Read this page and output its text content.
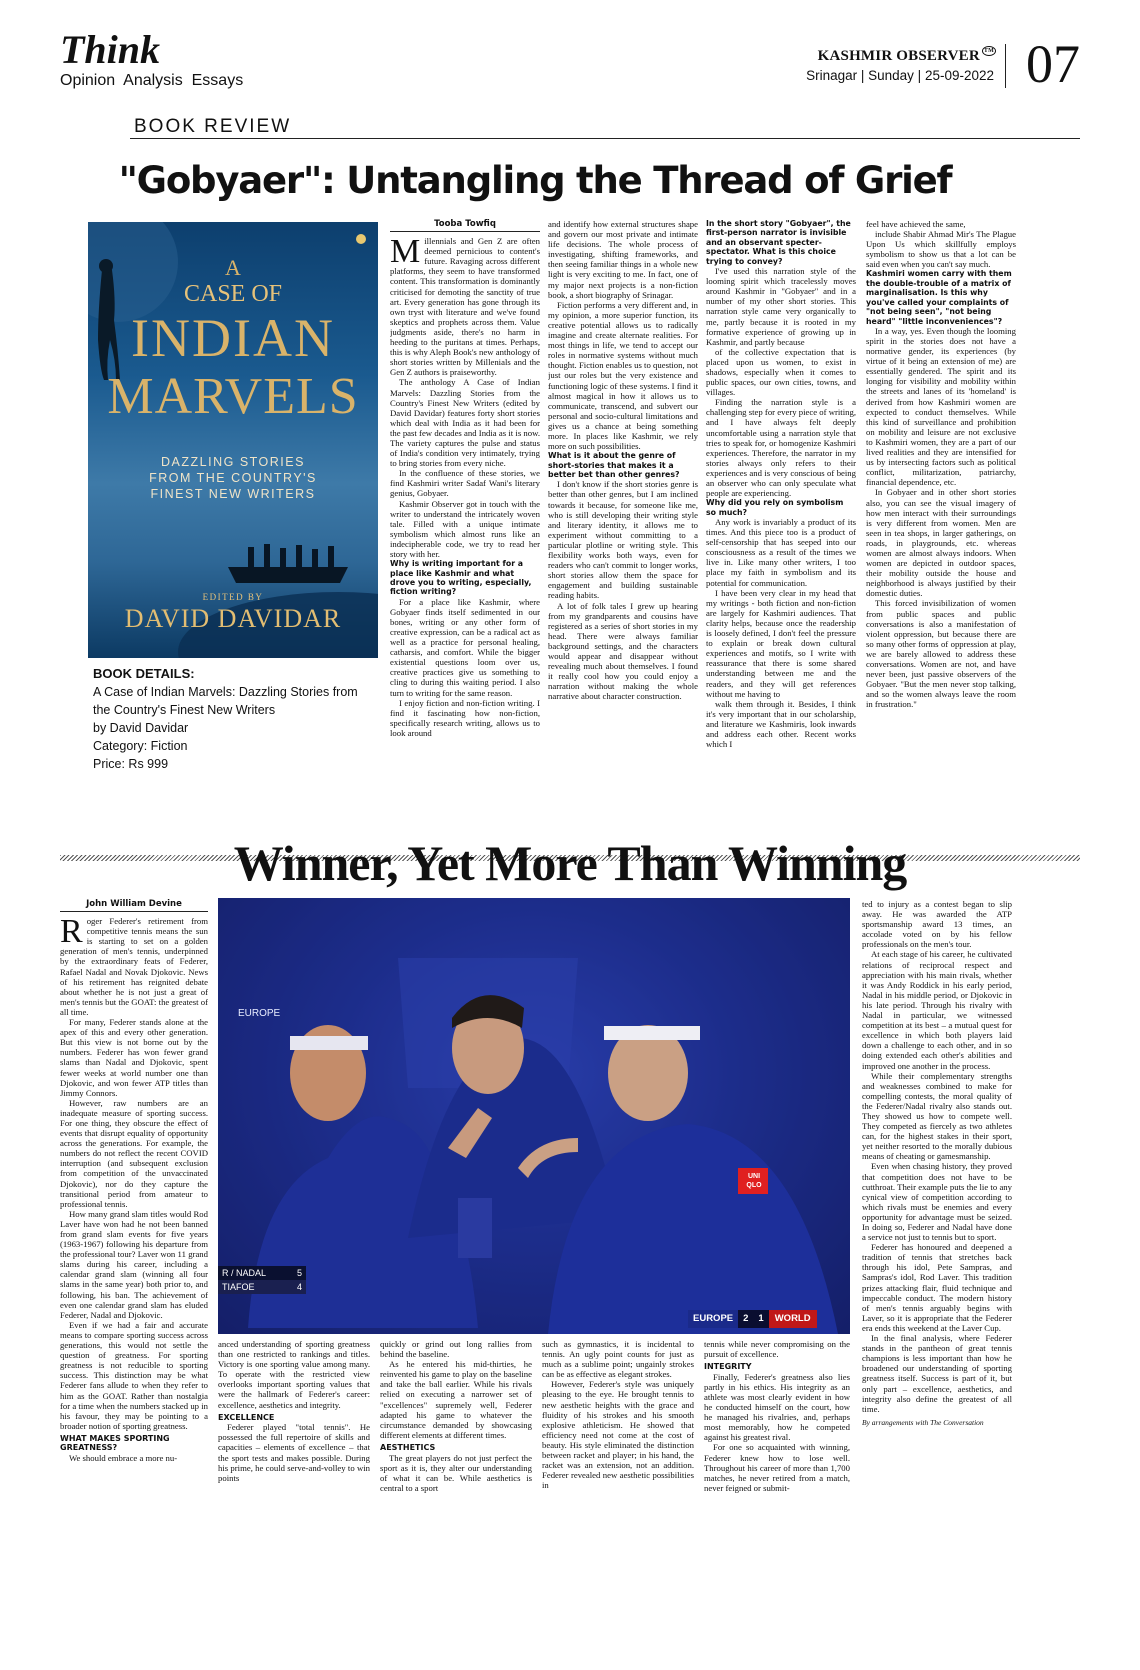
Think
Opinion  Analysis  Essays
KASHMIR OBSERVER ™
Srinagar | Sunday | 25-09-2022 07
BOOK REVIEW
"Gobyaer": Untangling the Thread of Grief
A
CASE OF
INDIAN
MARVELS
DAZZLING STORIES
FROM THE COUNTRY'S
FINEST NEW WRITERS
EDITED BY
DAVID DAVIDAR
BOOK DETAILS:
A Case of Indian Marvels: Dazzling Stories from the Country's Finest New Writers
by David Davidar
Category: Fiction
Price: Rs 999
Tooba Towfiq

Millennials and Gen Z are often deemed pernicious to content's future. Ravaging across different platforms, they seem to have transformed content. This transformation is dominantly criticised for demoting the sanctity of true art. Every generation has gone through its own tryst with literature and we've found skeptics and prophets across them. Value judgments aside, there's no harm in heeding to the puritans at times. Perhaps, this is why Aleph Book's new anthology of short stories written by Millenials and the Gen Z authors is praiseworthy.

The anthology A Case of Indian Marvels: Dazzling Stories from the Country's Finest New Writers (edited by David Davidar) features forty short stories which deal with India as it had been for the past few decades and India as it is now. The variety captures the pulse and status of India's condition very intimately, trying to bring stories from every niche.

In the confluence of these stories, we find Kashmiri writer Sadaf Wani's literary genius, Gobyaer.

Kashmir Observer got in touch with the writer to understand the intricately woven tale. Filled with a unique intimate symbolism which almost runs like an indecipherable code, we try to read her story with her.

Why is writing important for a place like Kashmir and what drove you to writing, especially, fiction writing?

For a place like Kashmir, where Gobyaer finds itself sedimented in our bones, writing or any other form of creative expression, can be a radical act as well as a practice for personal healing, catharsis, and comfort. While the bigger existential questions loom over us, creative practices give us something to cling to during this waiting period. I also turn to writing for the same reason.

I enjoy fiction and non-fiction writing. I find it fascinating how non-fiction, specifically research writing, allows us to look around

and identify how external structures shape and govern our most private and intimate life decisions. The whole process of investigating, shifting frameworks, and then seeing familiar things in a whole new light is very exciting to me. In fact, one of my major next projects is a non-fiction book, a short biography of Srinagar.

Fiction performs a very different and, in my opinion, a more superior function, its creative potential allows us to radically imagine and create alternate realities. For most things in life, we tend to accept our roles in normative systems without much thought. Fiction enables us to question, not just our roles but the very existence and functioning logic of these systems. I find it almost magical in how it allows us to communicate, transcend, and subvert our personal and socio-cultural limitations and gives us a chance at being something more. In places like Kashmir, we rely more on such possibilities.

What is it about the genre of short-stories that makes it a better bet than other genres?

I don't know if the short stories genre is better than other genres, but I am inclined towards it because, for someone like me, who is still developing their writing style and literary identity, it allows me to experiment without committing to a particular plotline or writing style. This flexibility works both ways, even for readers who can't commit to longer works, short stories allow them the space for engagement and building sustainable reading habits.

A lot of folk tales I grew up hearing from my grandparents and cousins have registered as a series of short stories in my head. There were always familiar background settings, and the characters would appear and disappear without revealing much about themselves. I found it really cool how you could enjoy a narration without making the whole narrative about character construction.

In the short story "Gobyaer", the first-person narrator is invisible and an observant specter-spectator. What is this choice trying to convey?

I've used this narration style of the looming spirit which tracelessly moves around Kashmir in "Gobyaer" and in a number of my other short stories. This narration style came very organically to me, partly because it is rooted in my formative experience of growing up in Kashmir, and partly because

of the collective expectation that is placed upon us women, to exist in shadows, especially when it comes to public spaces, our own cities, towns, and villages.

Finding the narration style is a challenging step for every piece of writing, and I have always felt deeply uncomfortable using a narration style that tries to speak for, or homogenize Kashmiri experiences. Therefore, the narrator in my stories always only refers to their experiences and is very conscious of being an observer who can only speculate what people are experiencing.

Why did you rely on symbolism so much?

Any work is invariably a product of its times. And this piece too is a product of self-censorship that has seeped into our consciousness as a result of the times we live in. Like many other writers, I too place my faith in symbolism and its potential for communication.

I have been very clear in my head that my writings - both fiction and non-fiction are largely for Kashmiri audiences. That clarity helps, because once the readership is loosely defined, I don't feel the pressure to explain or break down cultural experiences and motifs, so I write with reassurance that there is some shared understanding between me and the readers, and they will get references without me having to

walk them through it. Besides, I think it's very important that in our scholarship, and literature we Kashmiris, look inwards and address each other. Recent works which I

feel have achieved the same,

include Shabir Ahmad Mir's The Plague Upon Us which skillfully employs symbolism to show us that a lot can be said even when you can't say much.

Kashmiri women carry with them the double-trouble of a matrix of marginalisation. Is this why you've called your complaints of "not being seen", "not being heard" "little inconveniences"?

In a way, yes. Even though the looming spirit in the stories does not have a normative gender, its experiences (by virtue of it being an extension of me) are essentially gendered. The spirit and its longing for visibility and mobility within the streets and lanes of its 'homeland' is derived from how Kashmiri women are expected to conduct themselves. While this kind of surveillance and prohibition on mobility and leisure are not exclusive to Kashmiri women, they are a part of our lived realities and they are intensified for us by intersecting factors such as political conflict, militarization, patriarchy, financial dependence, etc.

In Gobyaer and in other short stories also, you can see the visual imagery of how men interact with their surroundings is very different from women. Men are seen in tea shops, in larger gatherings, on roads, in playgrounds, etc. whereas women are almost always indoors. When women are depicted in outdoor spaces, their mobility outside the house and neighborhood is always justified by their domestic duties.

This forced invisibilization of women from public spaces and public conversations is also a manifestation of violent oppression, but because there are so many other forms of oppression at play, we are barely allowed to address these conversations. Women are not, and have never been, just passive observers of the Gobyaer. "But the men never stop talking, and so the women always leave the room in frustration."

Winner, Yet More Than Winning
John William Devine

Roger Federer's retirement from competitive tennis means the sun is starting to set on a golden generation of men's tennis, underpinned by the extraordinary feats of Federer, Rafael Nadal and Novak Djokovic. News of his retirement has reignited debate about whether he is not just a great of men's tennis but the GOAT: the greatest of all time.

For many, Federer stands alone at the apex of this and every other generation. But this view is not borne out by the numbers. Federer has won fewer grand slams than Nadal and Djokovic, spent fewer weeks at world number one than Djokovic, and won fewer ATP titles than Jimmy Connors.

However, raw numbers are an inadequate measure of sporting success. For one thing, they obscure the effect of events that disrupt equality of opportunity across the generations. For example, the numbers do not reflect the recent COVID interruption (and subsequent exclusion from competition of the unvaccinated Djokovic), nor do they capture the transitional period from amateur to professional tennis.

How many grand slam titles would Rod Laver have won had he not been banned from grand slam events for five years (1963-1967) following his departure from the professional tour? Laver won 11 grand slams during his career, including a calendar grand slam (winning all four slams in the same year) both prior to, and following, his ban. The achievement of even one calendar grand slam has eluded Federer, Nadal and Djokovic.

Even if we had a fair and accurate means to compare sporting success across generations, this would not settle the question of greatness. For sporting greatness is not reducible to sporting success. This distinction may be what Federer fans allude to when they refer to him as the GOAT. Rather than nostalgia for a time when the numbers stacked up in his favour, they may be pointing to a broader notion of sporting greatness.

WHAT MAKES SPORTING GREATNESS?

We should embrace a more nu-

EUROPE
UNI QLO
R / NADAL	5
TIAFOE	4
EUROPE	2	1	WORLD

anced understanding of sporting greatness than one restricted to rankings and titles. Victory is one sporting value among many. To operate with the restricted view overlooks important sporting values that were the hallmark of Federer's career: excellence, aesthetics and integrity.

EXCELLENCE

Federer played "total tennis". He possessed the full repertoire of skills and capacities – elements of excellence – that the sport tests and makes possible. During his prime, he could serve-and-volley to win points

quickly or grind out long rallies from behind the baseline.

As he entered his mid-thirties, he reinvented his game to play on the baseline and take the ball earlier. While his rivals relied on executing a narrower set of "excellences" supremely well, Federer adapted his game to whatever the circumstance demanded by showcasing different elements at different times.

AESTHETICS

The great players do not just perfect the sport as it is, they alter our understanding of what it can be. While aesthetics is central to a sport

such as gymnastics, it is incidental to tennis. An ugly point counts for just as much as a sublime point; ungainly strokes can be as effective as elegant strokes.

However, Federer's style was uniquely pleasing to the eye. He brought tennis to new aesthetic heights with the grace and fluidity of his strokes and his smooth explosive athleticism. He showed that efficiency need not come at the cost of beauty. His style eliminated the distinction between racket and player; in his hand, the racket was an extension, not an addition. Federer revealed new aesthetic possibilities in

tennis while never compromising on the pursuit of excellence.

INTEGRITY

Finally, Federer's greatness also lies partly in his ethics. His integrity as an athlete was most clearly evident in how he conducted himself on the court, how he managed his rivalries, and, perhaps most memorably, how he competed against his greatest rival.

For one so acquainted with winning, Federer knew how to lose well. Throughout his career of more than 1,700 matches, he never retired from a match, never feigned or submit-

ted to injury as a contest began to slip away. He was awarded the ATP sportsmanship award 13 times, an accolade voted on by his fellow professionals on the men's tour.

At each stage of his career, he cultivated relations of reciprocal respect and appreciation with his main rivals, whether it was Andy Roddick in his early period, Nadal in his middle period, or Djokovic in his late period. Through his rivalry with Nadal in particular, we witnessed competition at its best – a mutual quest for excellence in which both players laid down a challenge to each other, and in so doing extended each other's abilities and improved one another in the process.

While their complementary strengths and weaknesses combined to make for compelling contests, the moral quality of the Federer/Nadal rivalry also stands out. They showed us how to compete well. They competed as fiercely as two athletes can, for the highest stakes in their sport, yet neither resorted to the morally dubious means of cheating or gamesmanship.

Even when chasing history, they proved that competition does not have to be cutthroat. Their example puts the lie to any cynical view of competition according to which rivals must be enemies and every opportunity for advantage must be seized. In doing so, Federer and Nadal have done a service not just to tennis but to sport.

Federer has honoured and deepened a tradition of tennis that stretches back through his idol, Pete Sampras, and Sampras's idol, Rod Laver. This tradition prizes attacking flair, fluid technique and impeccable conduct. The modern history of men's tennis arguably begins with Laver, so it is appropriate that the Federer era ends this weekend at the Laver Cup.

In the final analysis, where Federer stands in the pantheon of great tennis champions is less important than how he broadened our understanding of sporting greatness itself. Success is part of it, but only part – excellence, aesthetics, and integrity also define the greatest of all time.

By arrangements with The Conversation
